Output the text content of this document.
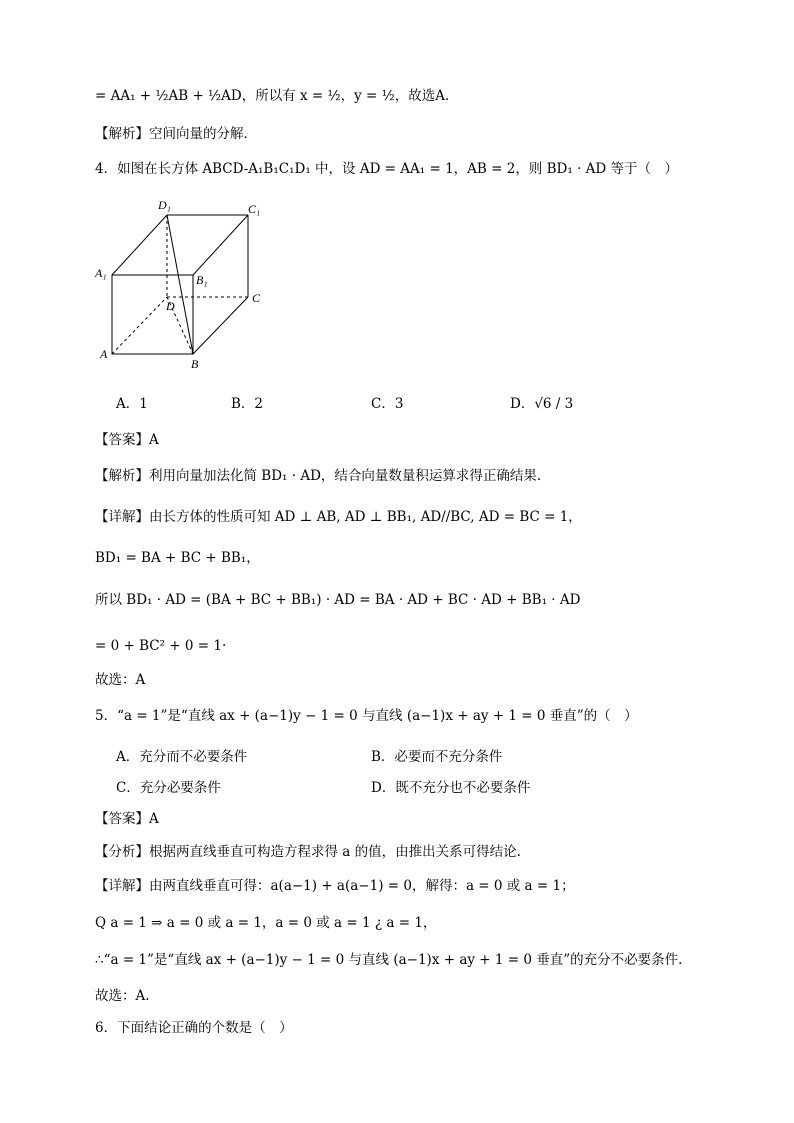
= AA₁ + ½AB + ½AD，所以有 x = ½，y = ½，故选A．
【解析】空间向量的分解．
4．如图在长方体 ABCD-A₁B₁C₁D₁ 中，设 AD = AA₁ = 1，AB = 2，则 BD₁ · AD 等于（　）
D₁	C₁
A₁	B₁
D
C
A
B
A．1	B．2	C．3	D．√6 / 3
【答案】A
【解析】利用向量加法化简 BD₁ · AD，结合向量数量积运算求得正确结果.
【详解】由长方体的性质可知 AD ⊥ AB, AD ⊥ BB₁, AD//BC, AD = BC = 1，
BD₁ = BA + BC + BB₁，
所以 BD₁ · AD = (BA + BC + BB₁) · AD = BA · AD + BC · AD + BB₁ · AD
= 0 + BC² + 0 = 1·
故选：A
5．“a = 1”是“直线 ax + (a−1)y − 1 = 0 与直线 (a−1)x + ay + 1 = 0 垂直”的（　）
A．充分而不必要条件	B．必要而不充分条件
C．充分必要条件	D．既不充分也不必要条件
【答案】A
【分析】根据两直线垂直可构造方程求得 a 的值，由推出关系可得结论.
【详解】由两直线垂直可得：a(a−1) + a(a−1) = 0，解得：a = 0 或 a = 1；
Q a = 1 ⇒ a = 0 或 a = 1，a = 0 或 a = 1 ¿ a = 1，
∴“a = 1”是“直线 ax + (a−1)y − 1 = 0 与直线 (a−1)x + ay + 1 = 0 垂直”的充分不必要条件.
故选：A.
6．下面结论正确的个数是（　）
